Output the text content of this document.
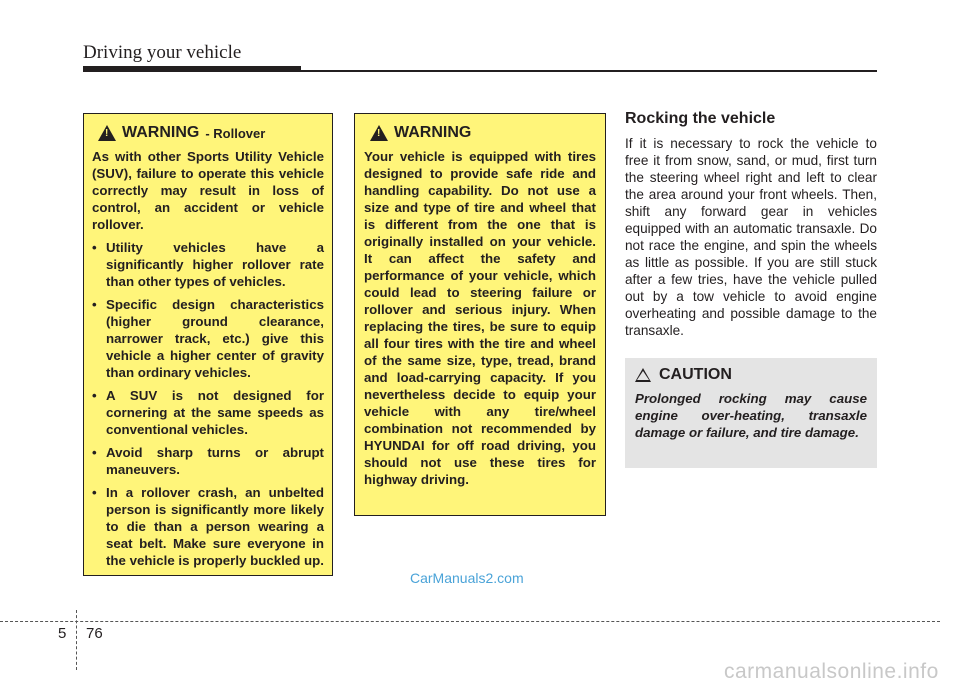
Driving your vehicle
!
WARNING - Rollover

As with other Sports Utility Vehicle (SUV), failure to operate this vehicle correctly may result in loss of control, an accident or vehicle rollover.

• Utility vehicles have a significantly higher rollover rate than other types of vehicles.
• Specific design characteristics (higher ground clearance, narrower track, etc.) give this vehicle a higher center of gravity than ordinary vehicles.
• A SUV is not designed for cornering at the same speeds as conventional vehicles.
• Avoid sharp turns or abrupt maneuvers.
• In a rollover crash, an unbelted person is significantly more likely to die than a person wearing a seat belt. Make sure everyone in the vehicle is properly buckled up.
!
WARNING

Your vehicle is equipped with tires designed to provide safe ride and handling capability. Do not use a size and type of tire and wheel that is different from the one that is originally installed on your vehicle. It can affect the safety and performance of your vehicle, which could lead to steering failure or rollover and serious injury. When replacing the tires, be sure to equip all four tires with the tire and wheel of the same size, type, tread, brand and load-carrying capacity. If you nevertheless decide to equip your vehicle with any tire/wheel combination not recommended by HYUNDAI for off road driving, you should not use these tires for highway driving.

Rocking the vehicle

If it is necessary to rock the vehicle to free it from snow, sand, or mud, first turn the steering wheel right and left to clear the area around your front wheels. Then, shift any forward gear in vehicles equipped with an automatic transaxle. Do not race the engine, and spin the wheels as little as possible. If you are still stuck after a few tries, have the vehicle pulled out by a tow vehicle to avoid engine overheating and possible damage to the transaxle.

CAUTION

Prolonged rocking may cause engine over-heating, transaxle damage or failure, and tire damage.

CarManuals2.com
5 76
carmanualsonline.info
